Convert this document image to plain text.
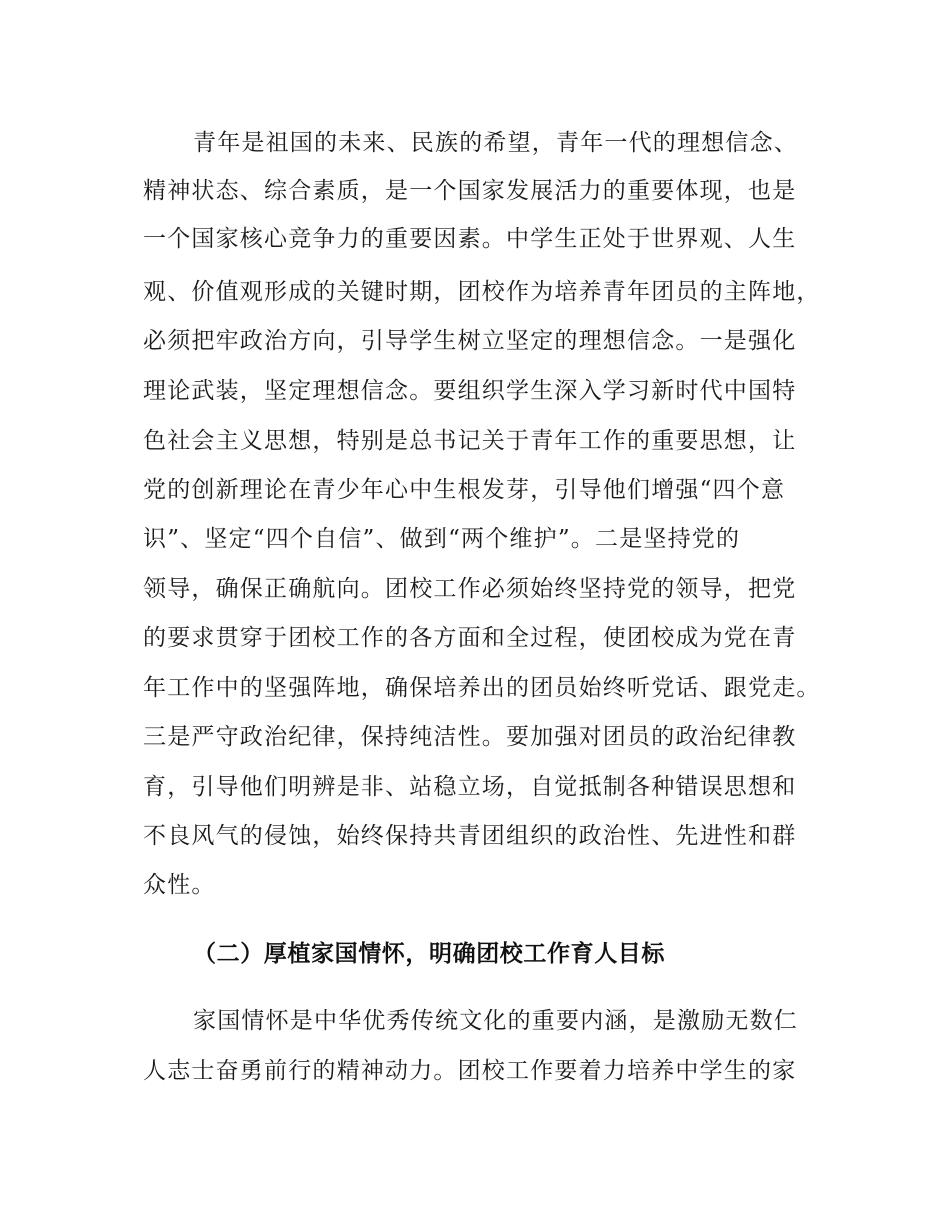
青年是祖国的未来、民族的希望，青年一代的理想信念、
精神状态、综合素质，是一个国家发展活力的重要体现，也是
一个国家核心竞争力的重要因素。中学生正处于世界观、人生
观、价值观形成的关键时期，团校作为培养青年团员的主阵地，
必须把牢政治方向，引导学生树立坚定的理想信念。一是强化
理论武装，坚定理想信念。要组织学生深入学习新时代中国特
色社会主义思想，特别是总书记关于青年工作的重要思想，让
党的创新理论在青少年心中生根发芽，引导他们增强“四个意
识”、坚定“四个自信”、做到“两个维护”。二是坚持党的
领导，确保正确航向。团校工作必须始终坚持党的领导，把党
的要求贯穿于团校工作的各方面和全过程，使团校成为党在青
年工作中的坚强阵地，确保培养出的团员始终听党话、跟党走。
三是严守政治纪律，保持纯洁性。要加强对团员的政治纪律教
育，引导他们明辨是非、站稳立场，自觉抵制各种错误思想和
不良风气的侵蚀，始终保持共青团组织的政治性、先进性和群
众性。
（二）厚植家国情怀，明确团校工作育人目标
家国情怀是中华优秀传统文化的重要内涵，是激励无数仁
人志士奋勇前行的精神动力。团校工作要着力培养中学生的家
